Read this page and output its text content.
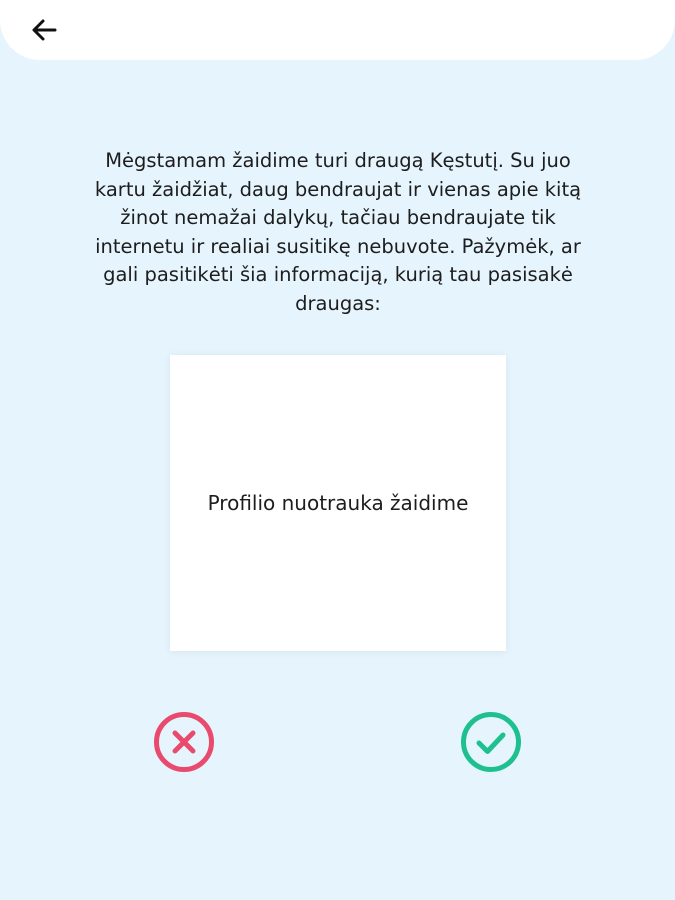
Mėgstamam žaidime turi draugą Kęstutį. Su juo kartu žaidžiat, daug bendraujat ir vienas apie kitą žinot nemažai dalykų, tačiau bendraujate tik internetu ir realiai susitikę nebuvote. Pažymėk, ar gali pasitikėti šia informaciją, kurią tau pasisakė draugas:

Profilio nuotrauka žaidime
